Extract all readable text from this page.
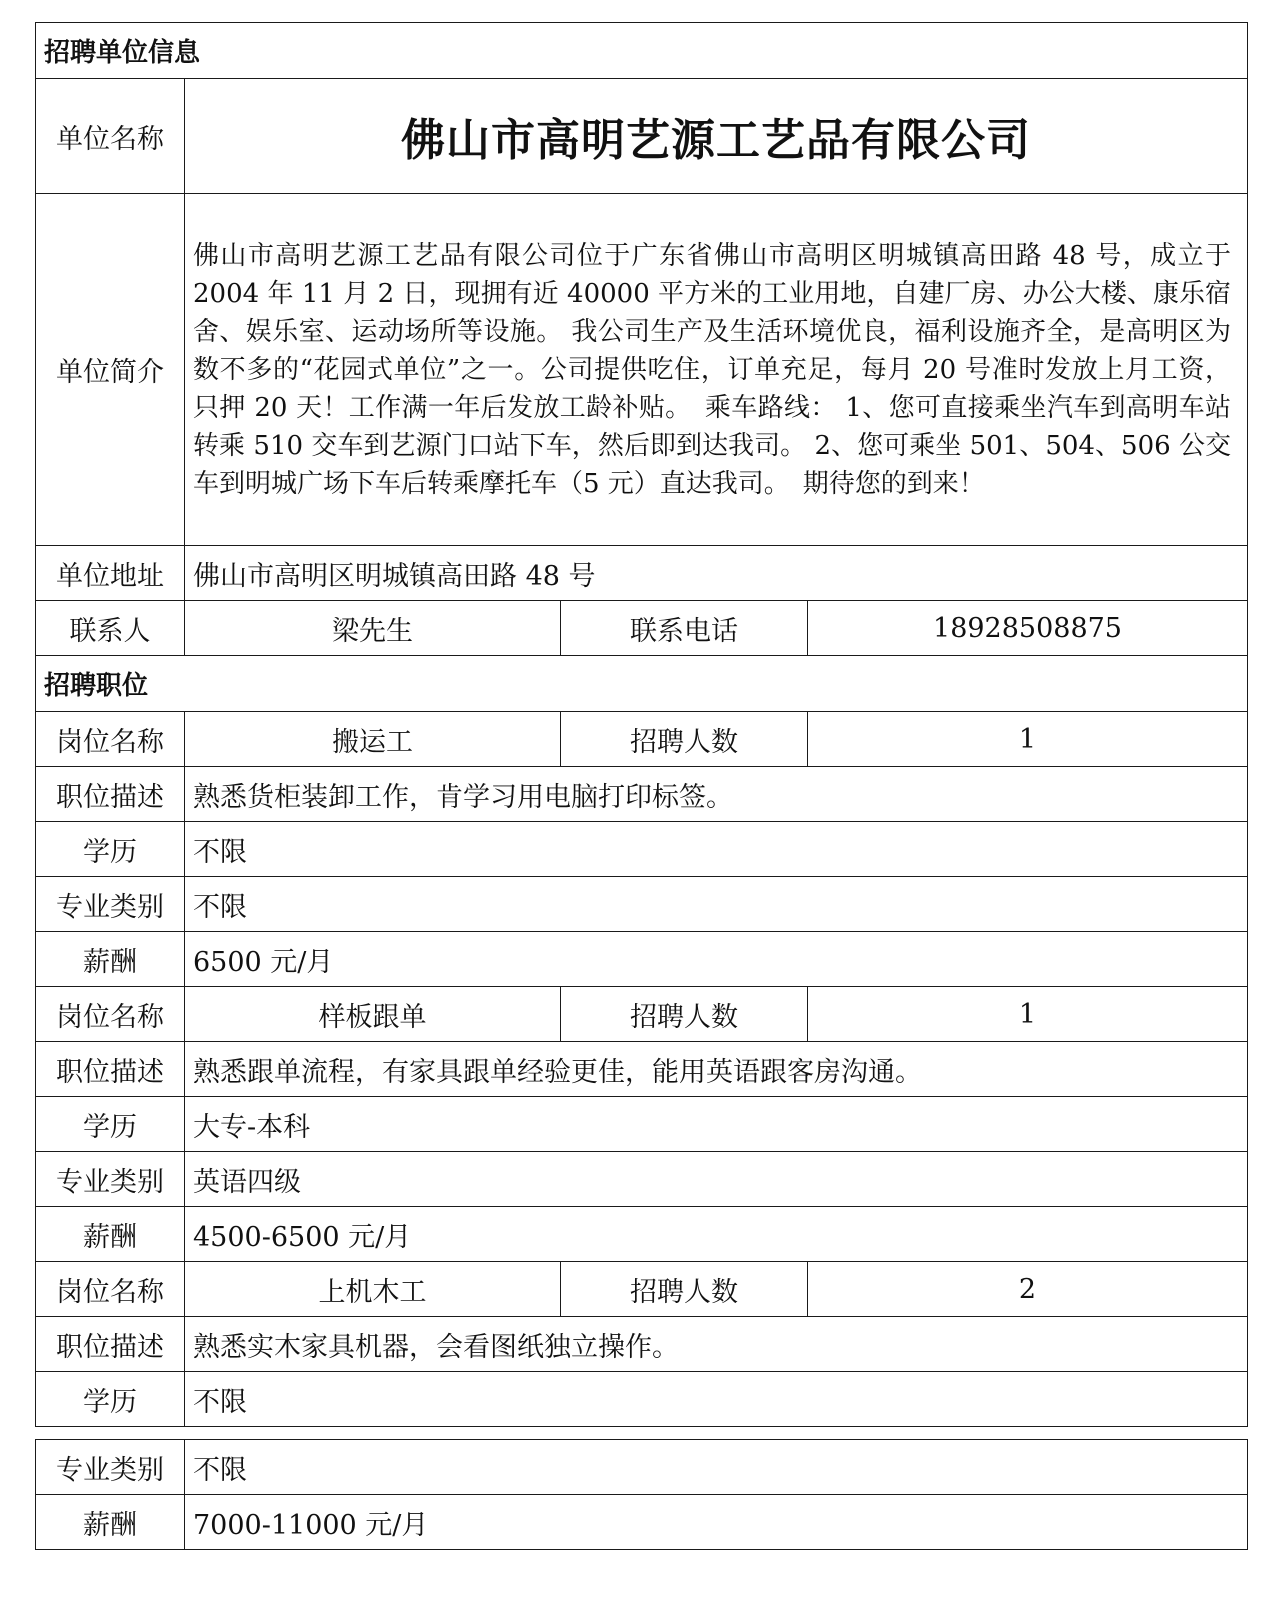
招聘单位信息			
单位名称	佛山市高明艺源工艺品有限公司		
单位简介	佛山市高明艺源工艺品有限公司位于广东省佛山市高明区明城镇高田路 48 号，成立于 2004 年 11 月 2 日，现拥有近 40000 平方米的工业用地，自建厂房、办公大楼、康乐宿舍、娱乐室、运动场所等设施。 我公司生产及生活环境优良，福利设施齐全，是高明区为数不多的“花园式单位”之一。公司提供吃住，订单充足，每月 20 号准时发放上月工资，只押 20 天！工作满一年后发放工龄补贴。　乘车路线： 1、您可直接乘坐汽车到高明车站转乘 510 交车到艺源门口站下车，然后即到达我司。 2、您可乘坐 501、504、506 公交车到明城广场下车后转乘摩托车（5 元）直达我司。　期待您的到来！		
单位地址	佛山市高明区明城镇高田路 48 号		
联系人	梁先生	联系电话	18928508875
招聘职位			
岗位名称	搬运工	招聘人数	1
职位描述	熟悉货柜装卸工作，肯学习用电脑打印标签。		
学历	不限		
专业类别	不限		
薪酬	6500 元/月		
岗位名称	样板跟单	招聘人数	1
职位描述	熟悉跟单流程，有家具跟单经验更佳，能用英语跟客房沟通。		
学历	大专-本科		
专业类别	英语四级		
薪酬	4500-6500 元/月		
岗位名称	上机木工	招聘人数	2
职位描述	熟悉实木家具机器，会看图纸独立操作。		
学历	不限		
专业类别	不限
薪酬	7000-11000 元/月
